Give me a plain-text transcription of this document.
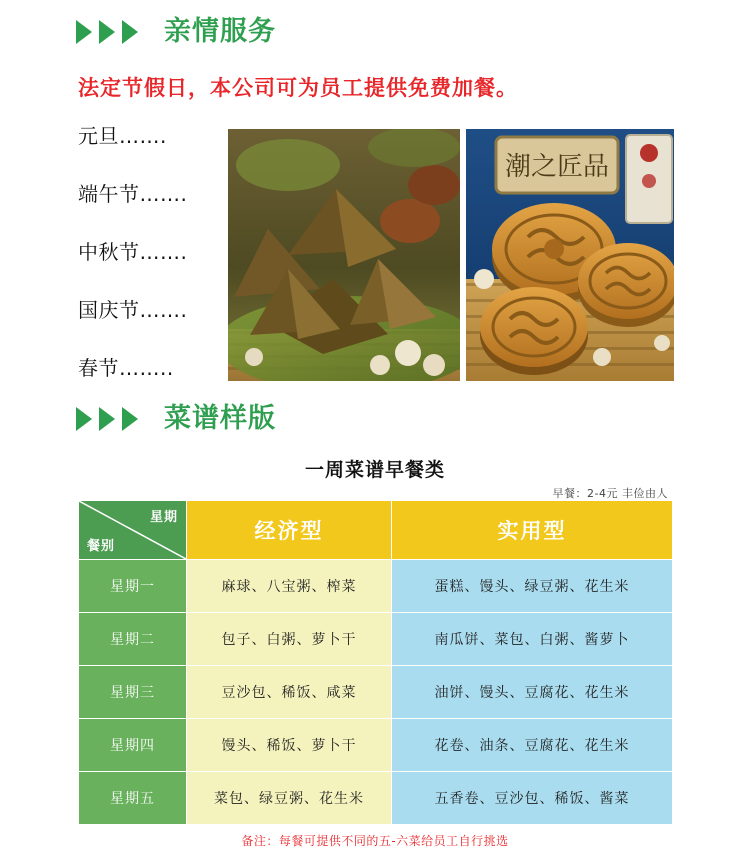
亲情服务
法定节假日，本公司可为员工提供免费加餐。
元旦…….
端午节…….
中秋节…….
国庆节…….
春节……..
潮之匠品
菜谱样版
一周菜谱早餐类
早餐：2-4元 丰俭由人
星期
餐别	经济型	实用型
星期一	麻球、八宝粥、榨菜	蛋糕、馒头、绿豆粥、花生米
星期二	包子、白粥、萝卜干	南瓜饼、菜包、白粥、酱萝卜
星期三	豆沙包、稀饭、咸菜	油饼、馒头、豆腐花、花生米
星期四	馒头、稀饭、萝卜干	花卷、油条、豆腐花、花生米
星期五	菜包、绿豆粥、花生米	五香卷、豆沙包、稀饭、酱菜
备注：每餐可提供不同的五-六菜给员工自行挑选
